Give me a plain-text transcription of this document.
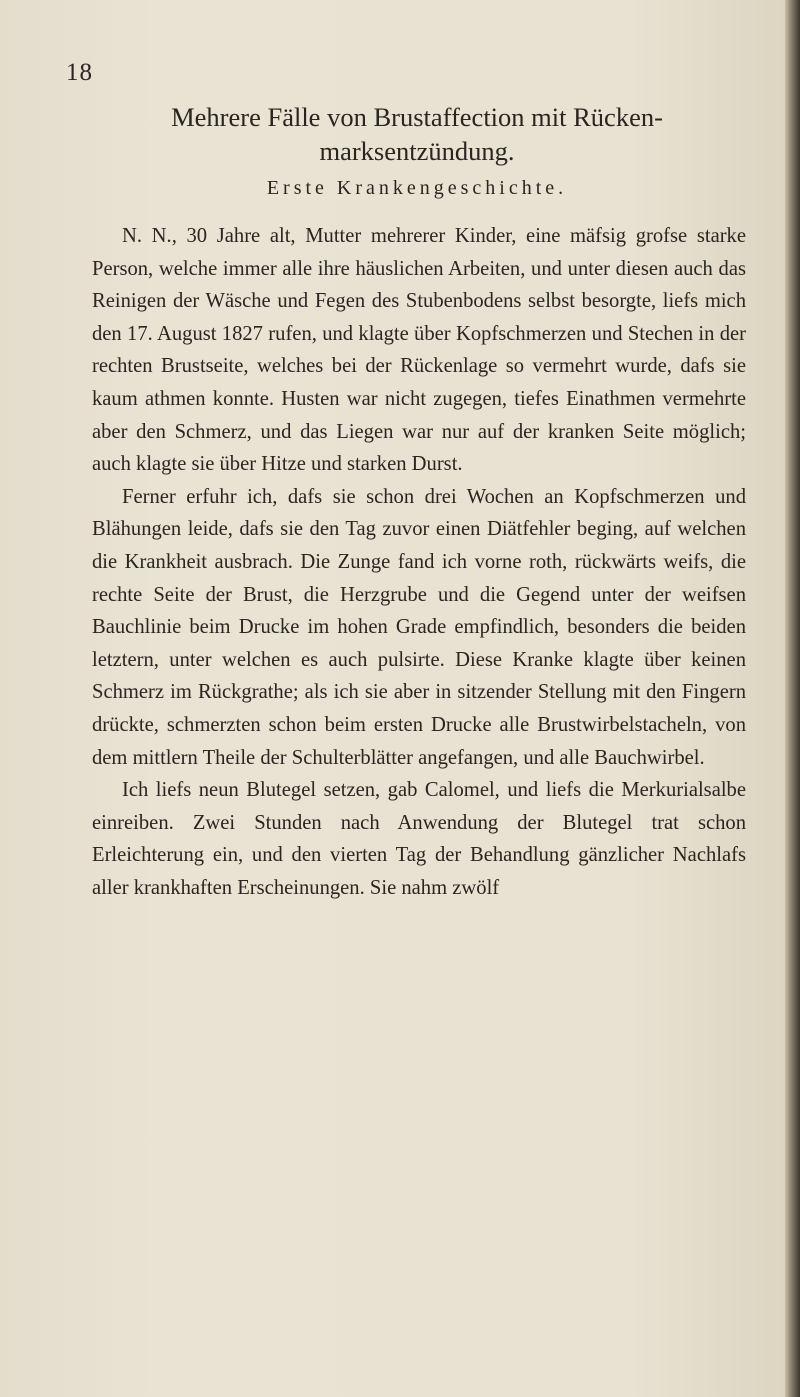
18
Mehrere Fälle von Brustaffection mit Rücken-
marksentzündung.
Erste Krankengeschichte.

N. N., 30 Jahre alt, Mutter mehrerer Kinder, eine mäfsig grofse starke Person, welche immer alle ihre häuslichen Arbeiten, und unter diesen auch das Reinigen der Wäsche und Fegen des Stubenbodens selbst besorgte, liefs mich den 17. August 1827 rufen, und klagte über Kopfschmerzen und Stechen in der rechten Brustseite, welches bei der Rückenlage so vermehrt wurde, dafs sie kaum athmen konnte. Husten war nicht zugegen, tiefes Einathmen vermehrte aber den Schmerz, und das Liegen war nur auf der kranken Seite möglich; auch klagte sie über Hitze und starken Durst.

Ferner erfuhr ich, dafs sie schon drei Wochen an Kopfschmerzen und Blähungen leide, dafs sie den Tag zuvor einen Diätfehler beging, auf welchen die Krankheit ausbrach. Die Zunge fand ich vorne roth, rückwärts weifs, die rechte Seite der Brust, die Herzgrube und die Gegend unter der weifsen Bauchlinie beim Drucke im hohen Grade empfindlich, besonders die beiden letztern, unter welchen es auch pulsirte. Diese Kranke klagte über keinen Schmerz im Rückgrathe; als ich sie aber in sitzender Stellung mit den Fingern drückte, schmerzten schon beim ersten Drucke alle Brustwirbelstacheln, von dem mittlern Theile der Schulterblätter angefangen, und alle Bauchwirbel.

Ich liefs neun Blutegel setzen, gab Calomel, und liefs die Merkurialsalbe einreiben. Zwei Stunden nach Anwendung der Blutegel trat schon Erleichterung ein, und den vierten Tag der Behandlung gänzlicher Nachlafs aller krankhaften Erscheinungen. Sie nahm zwölf
